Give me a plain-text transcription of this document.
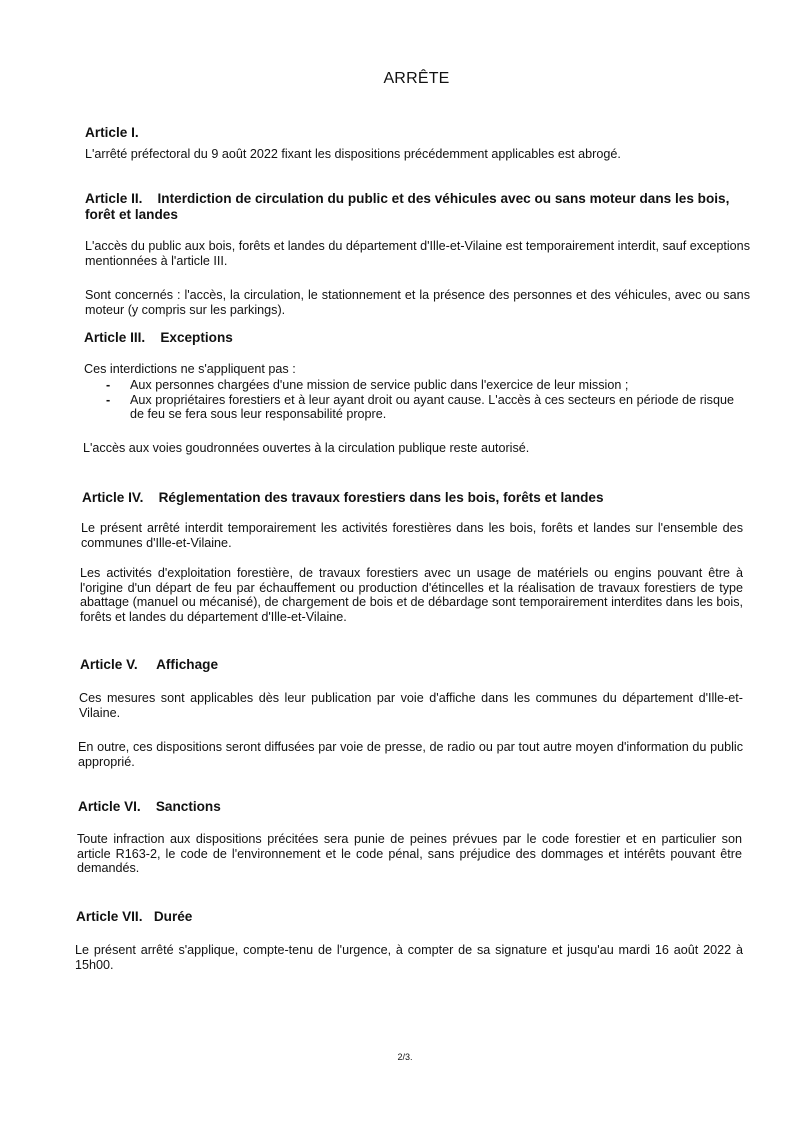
ARRÊTE
Article I.
L'arrêté préfectoral du 9 août 2022 fixant les dispositions précédemment applicables est abrogé.
Article II. Interdiction de circulation du public et des véhicules avec ou sans moteur dans les bois, forêt et landes
L'accès du public aux bois, forêts et landes du département d'Ille-et-Vilaine est temporairement interdit, sauf exceptions mentionnées à l'article III.
Sont concernés : l'accès, la circulation, le stationnement et la présence des personnes et des véhicules, avec ou sans moteur (y compris sur les parkings).
Article III. Exceptions
Ces interdictions ne s'appliquent pas :
- Aux personnes chargées d'une mission de service public dans l'exercice de leur mission ;
- Aux propriétaires forestiers et à leur ayant droit ou ayant cause. L'accès à ces secteurs en période de risque de feu se fera sous leur responsabilité propre.
L'accès aux voies goudronnées ouvertes à la circulation publique reste autorisé.
Article IV. Réglementation des travaux forestiers dans les bois, forêts et landes
Le présent arrêté interdit temporairement les activités forestières dans les bois, forêts et landes sur l'ensemble des communes d'Ille-et-Vilaine.
Les activités d'exploitation forestière, de travaux forestiers avec un usage de matériels ou engins pouvant être à l'origine d'un départ de feu par échauffement ou production d'étincelles et la réalisation de travaux forestiers de type abattage (manuel ou mécanisé), de chargement de bois et de débardage sont temporairement interdites dans les bois, forêts et landes du département d'Ille-et-Vilaine.
Article V. Affichage
Ces mesures sont applicables dès leur publication par voie d'affiche dans les communes du département d'Ille-et-Vilaine.
En outre, ces dispositions seront diffusées par voie de presse, de radio ou par tout autre moyen d'information du public approprié.
Article VI. Sanctions
Toute infraction aux dispositions précitées sera punie de peines prévues par le code forestier et en particulier son article R163-2, le code de l'environnement et le code pénal, sans préjudice des dommages et intérêts pouvant être demandés.
Article VII. Durée
Le présent arrêté s'applique, compte-tenu de l'urgence, à compter de sa signature et jusqu'au mardi 16 août 2022 à 15h00.
2/3.
